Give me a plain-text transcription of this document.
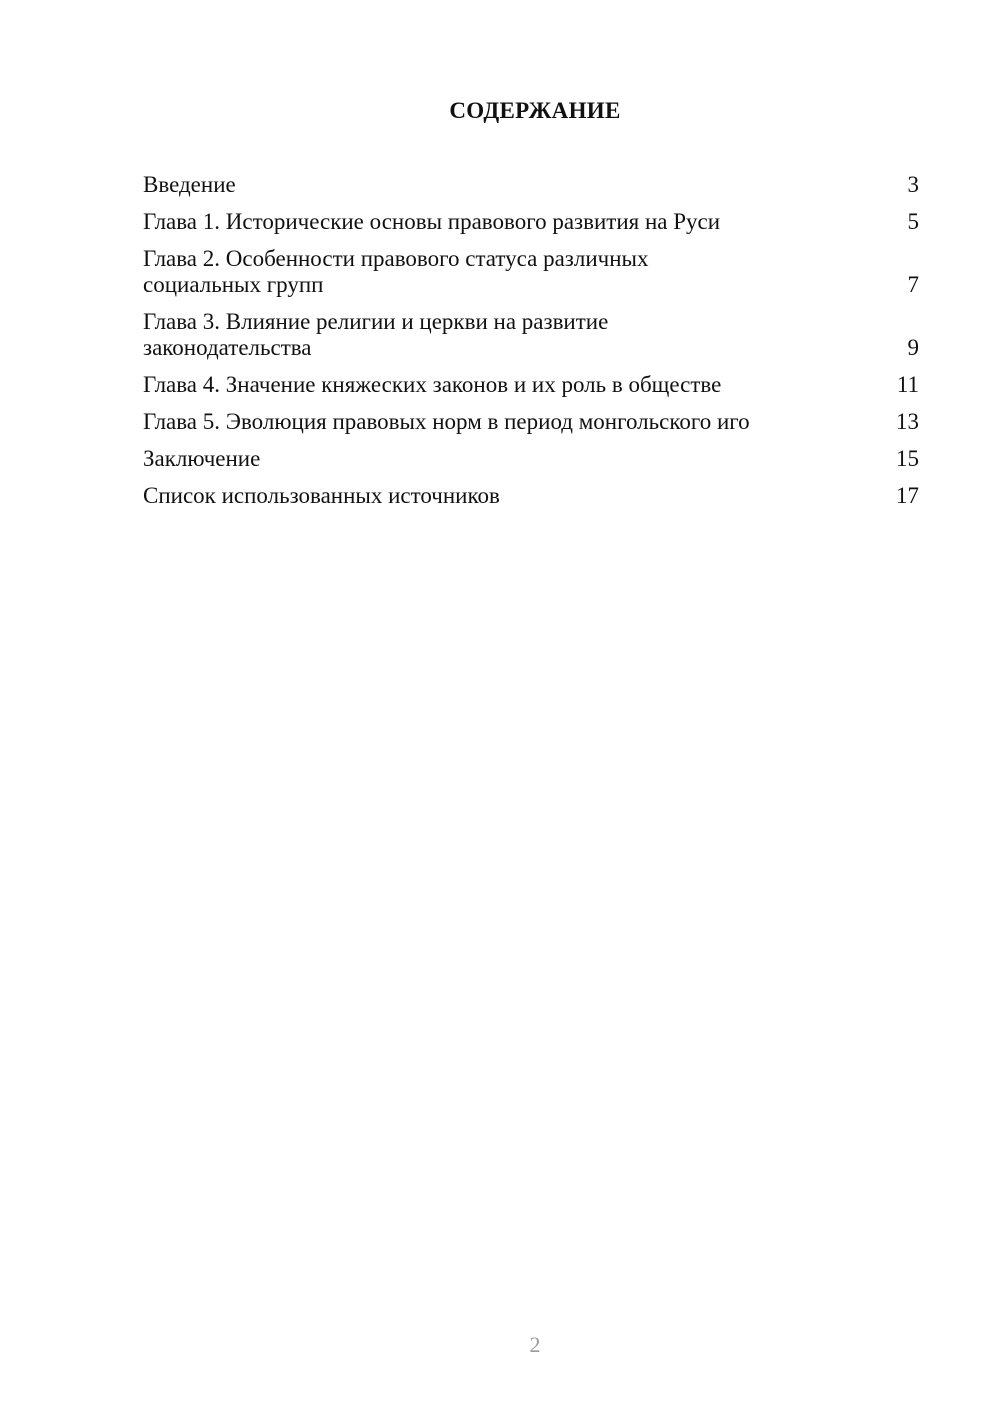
СОДЕРЖАНИЕ
Введение	3
Глава 1. Исторические основы правового развития на Руси	5
Глава 2. Особенности правового статуса различных
социальных групп	7
Глава 3. Влияние религии и церкви на развитие
законодательства	9
Глава 4. Значение княжеских законов и их роль в обществе	11
Глава 5. Эволюция правовых норм в период монгольского иго	13
Заключение	15
Список использованных источников	17
2
